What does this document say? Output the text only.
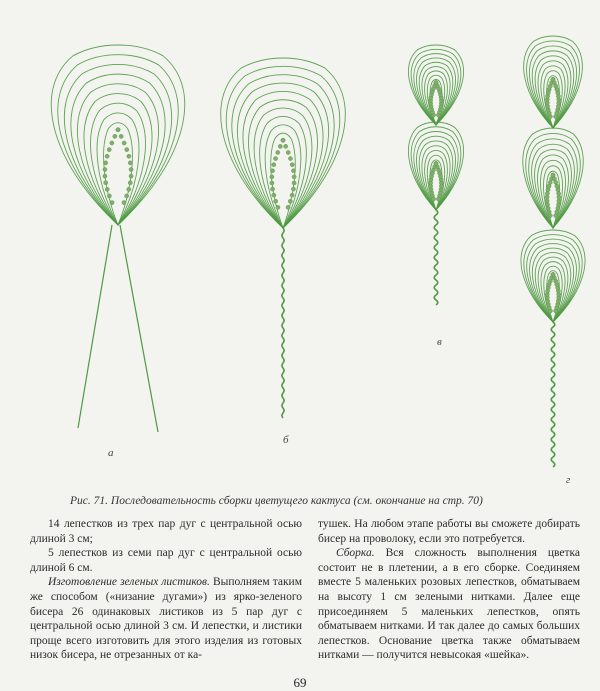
а
б
в
г
Рис. 71. Последовательность сборки цветущего кактуса (см. окончание на стр. 70)

14 лепестков из трех пар дуг с центральной осью длиной 3 см;

5 лепестков из семи пар дуг с центральной осью длиной 6 см.

Изготовление зеленых листиков. Выполняем таким же способом («низание дугами») из ярко-зеленого бисера 26 одинаковых листиков из 5 пар дуг с центральной осью длиной 3 см. И лепестки, и листики проще всего изготовить для этого изделия из готовых низок бисера, не отрезанных от ка-

тушек. На любом этапе работы вы сможете добирать бисер на проволоку, если это потребуется.

Сборка. Вся сложность выполнения цветка состоит не в плетении, а в его сборке. Соединяем вместе 5 маленьких розовых лепестков, обматываем на высоту 1 см зелеными нитками. Далее еще присоединяем 5 маленьких лепестков, опять обматываем нитками. И так далее до самых больших лепестков. Основание цветка также обматываем нитками — получится невысокая «шейка».

69
